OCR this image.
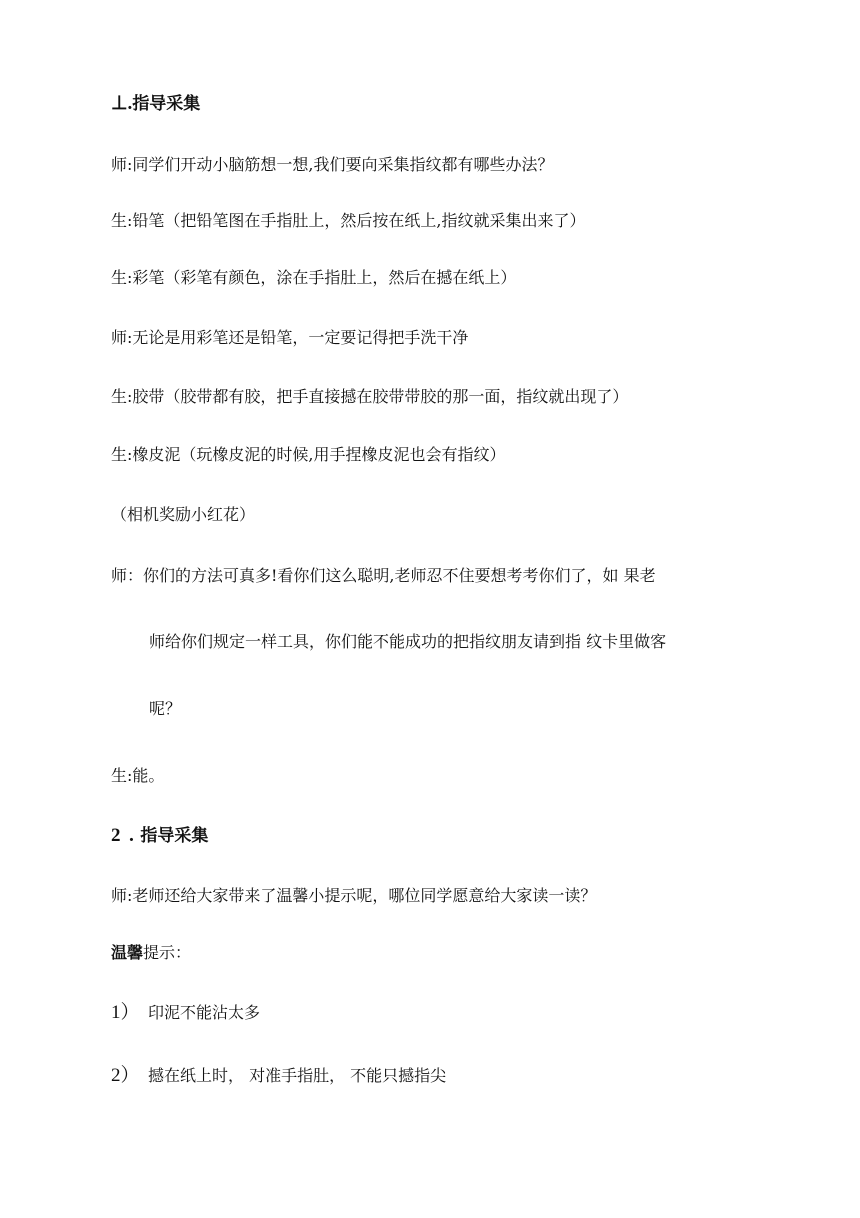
⊥.指导采集
师:同学们开动小脑筋想一想,我们要向采集指纹都有哪些办法？
生:铅笔（把铅笔图在手指肚上，然后按在纸上,指纹就采集出来了）
生:彩笔（彩笔有颜色，涂在手指肚上，然后在撼在纸上）
师:无论是用彩笔还是铅笔，一定要记得把手洗干净
生:胶带（胶带都有胶，把手直接撼在胶带带胶的那一面，指纹就出现了）
生:橡皮泥（玩橡皮泥的时候,用手捏橡皮泥也会有指纹）
（相机奖励小红花）
师：你们的方法可真多!看你们这么聪明,老师忍不住要想考考你们了，如 果老
师给你们规定一样工具，你们能不能成功的把指纹朋友请到指 纹卡里做客
呢？
生:能。
2 . 指导采集
师:老师还给大家带来了温馨小提示呢，哪位同学愿意给大家读一读？
温馨提示：
1） 印泥不能沾太多
2） 撼在纸上时， 对准手指肚， 不能只撼指尖
